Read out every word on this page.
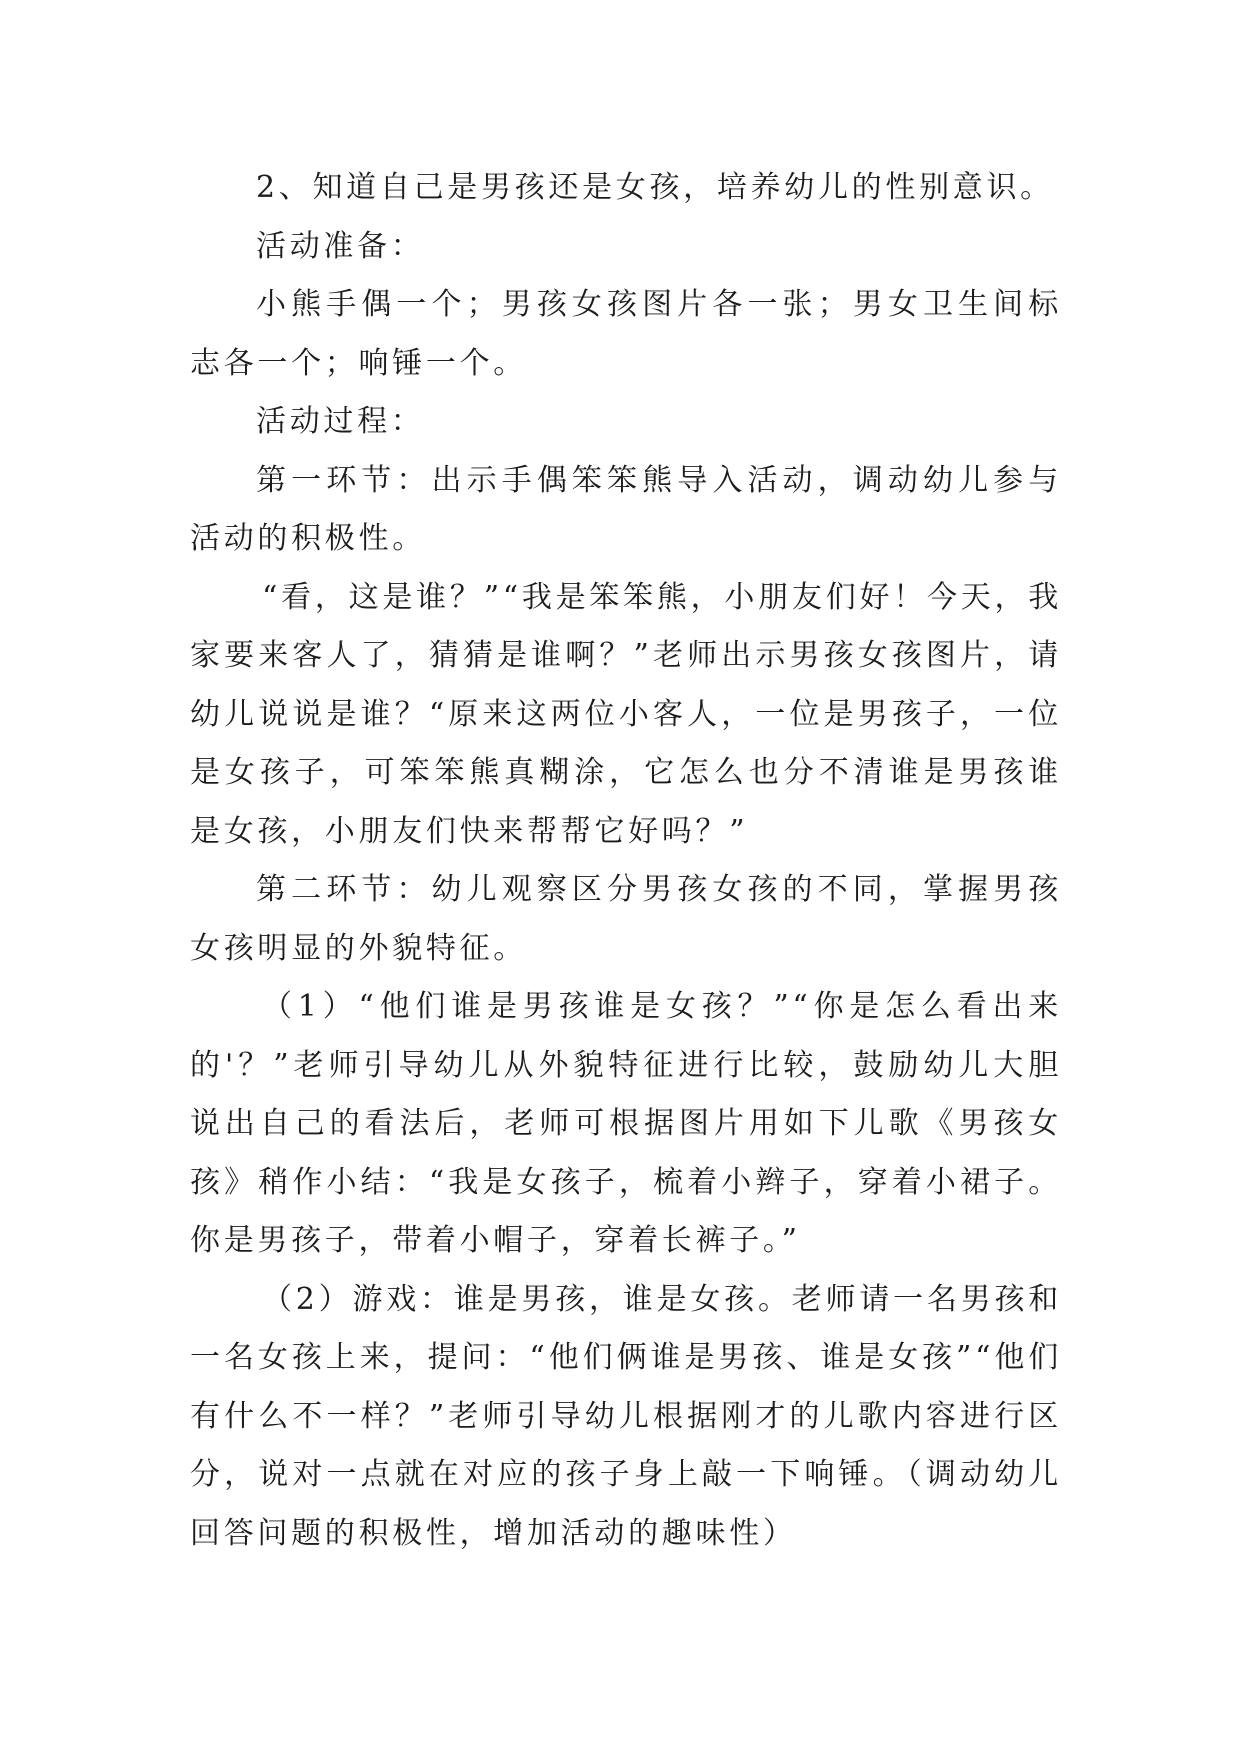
2、知道自己是男孩还是女孩，培养幼儿的性别意识。

活动准备：

小熊手偶一个；男孩女孩图片各一张；男女卫生间标志各一个；响锤一个。

活动过程：

第一环节：出示手偶笨笨熊导入活动，调动幼儿参与活动的积极性。

“看，这是谁？”“我是笨笨熊，小朋友们好！今天，我家要来客人了，猜猜是谁啊？”老师出示男孩女孩图片，请幼儿说说是谁？“原来这两位小客人，一位是男孩子，一位是女孩子，可笨笨熊真糊涂，它怎么也分不清谁是男孩谁是女孩，小朋友们快来帮帮它好吗？”

第二环节：幼儿观察区分男孩女孩的不同，掌握男孩女孩明显的外貌特征。

（1）“他们谁是男孩谁是女孩？”“你是怎么看出来的'？”老师引导幼儿从外貌特征进行比较，鼓励幼儿大胆说出自己的看法后，老师可根据图片用如下儿歌《男孩女孩》稍作小结：“我是女孩子，梳着小辫子，穿着小裙子。你是男孩子，带着小帽子，穿着长裤子。”

（2）游戏：谁是男孩，谁是女孩。老师请一名男孩和一名女孩上来，提问：“他们俩谁是男孩、谁是女孩”“他们有什么不一样？”老师引导幼儿根据刚才的儿歌内容进行区分，说对一点就在对应的孩子身上敲一下响锤。（调动幼儿回答问题的积极性，增加活动的趣味性）
